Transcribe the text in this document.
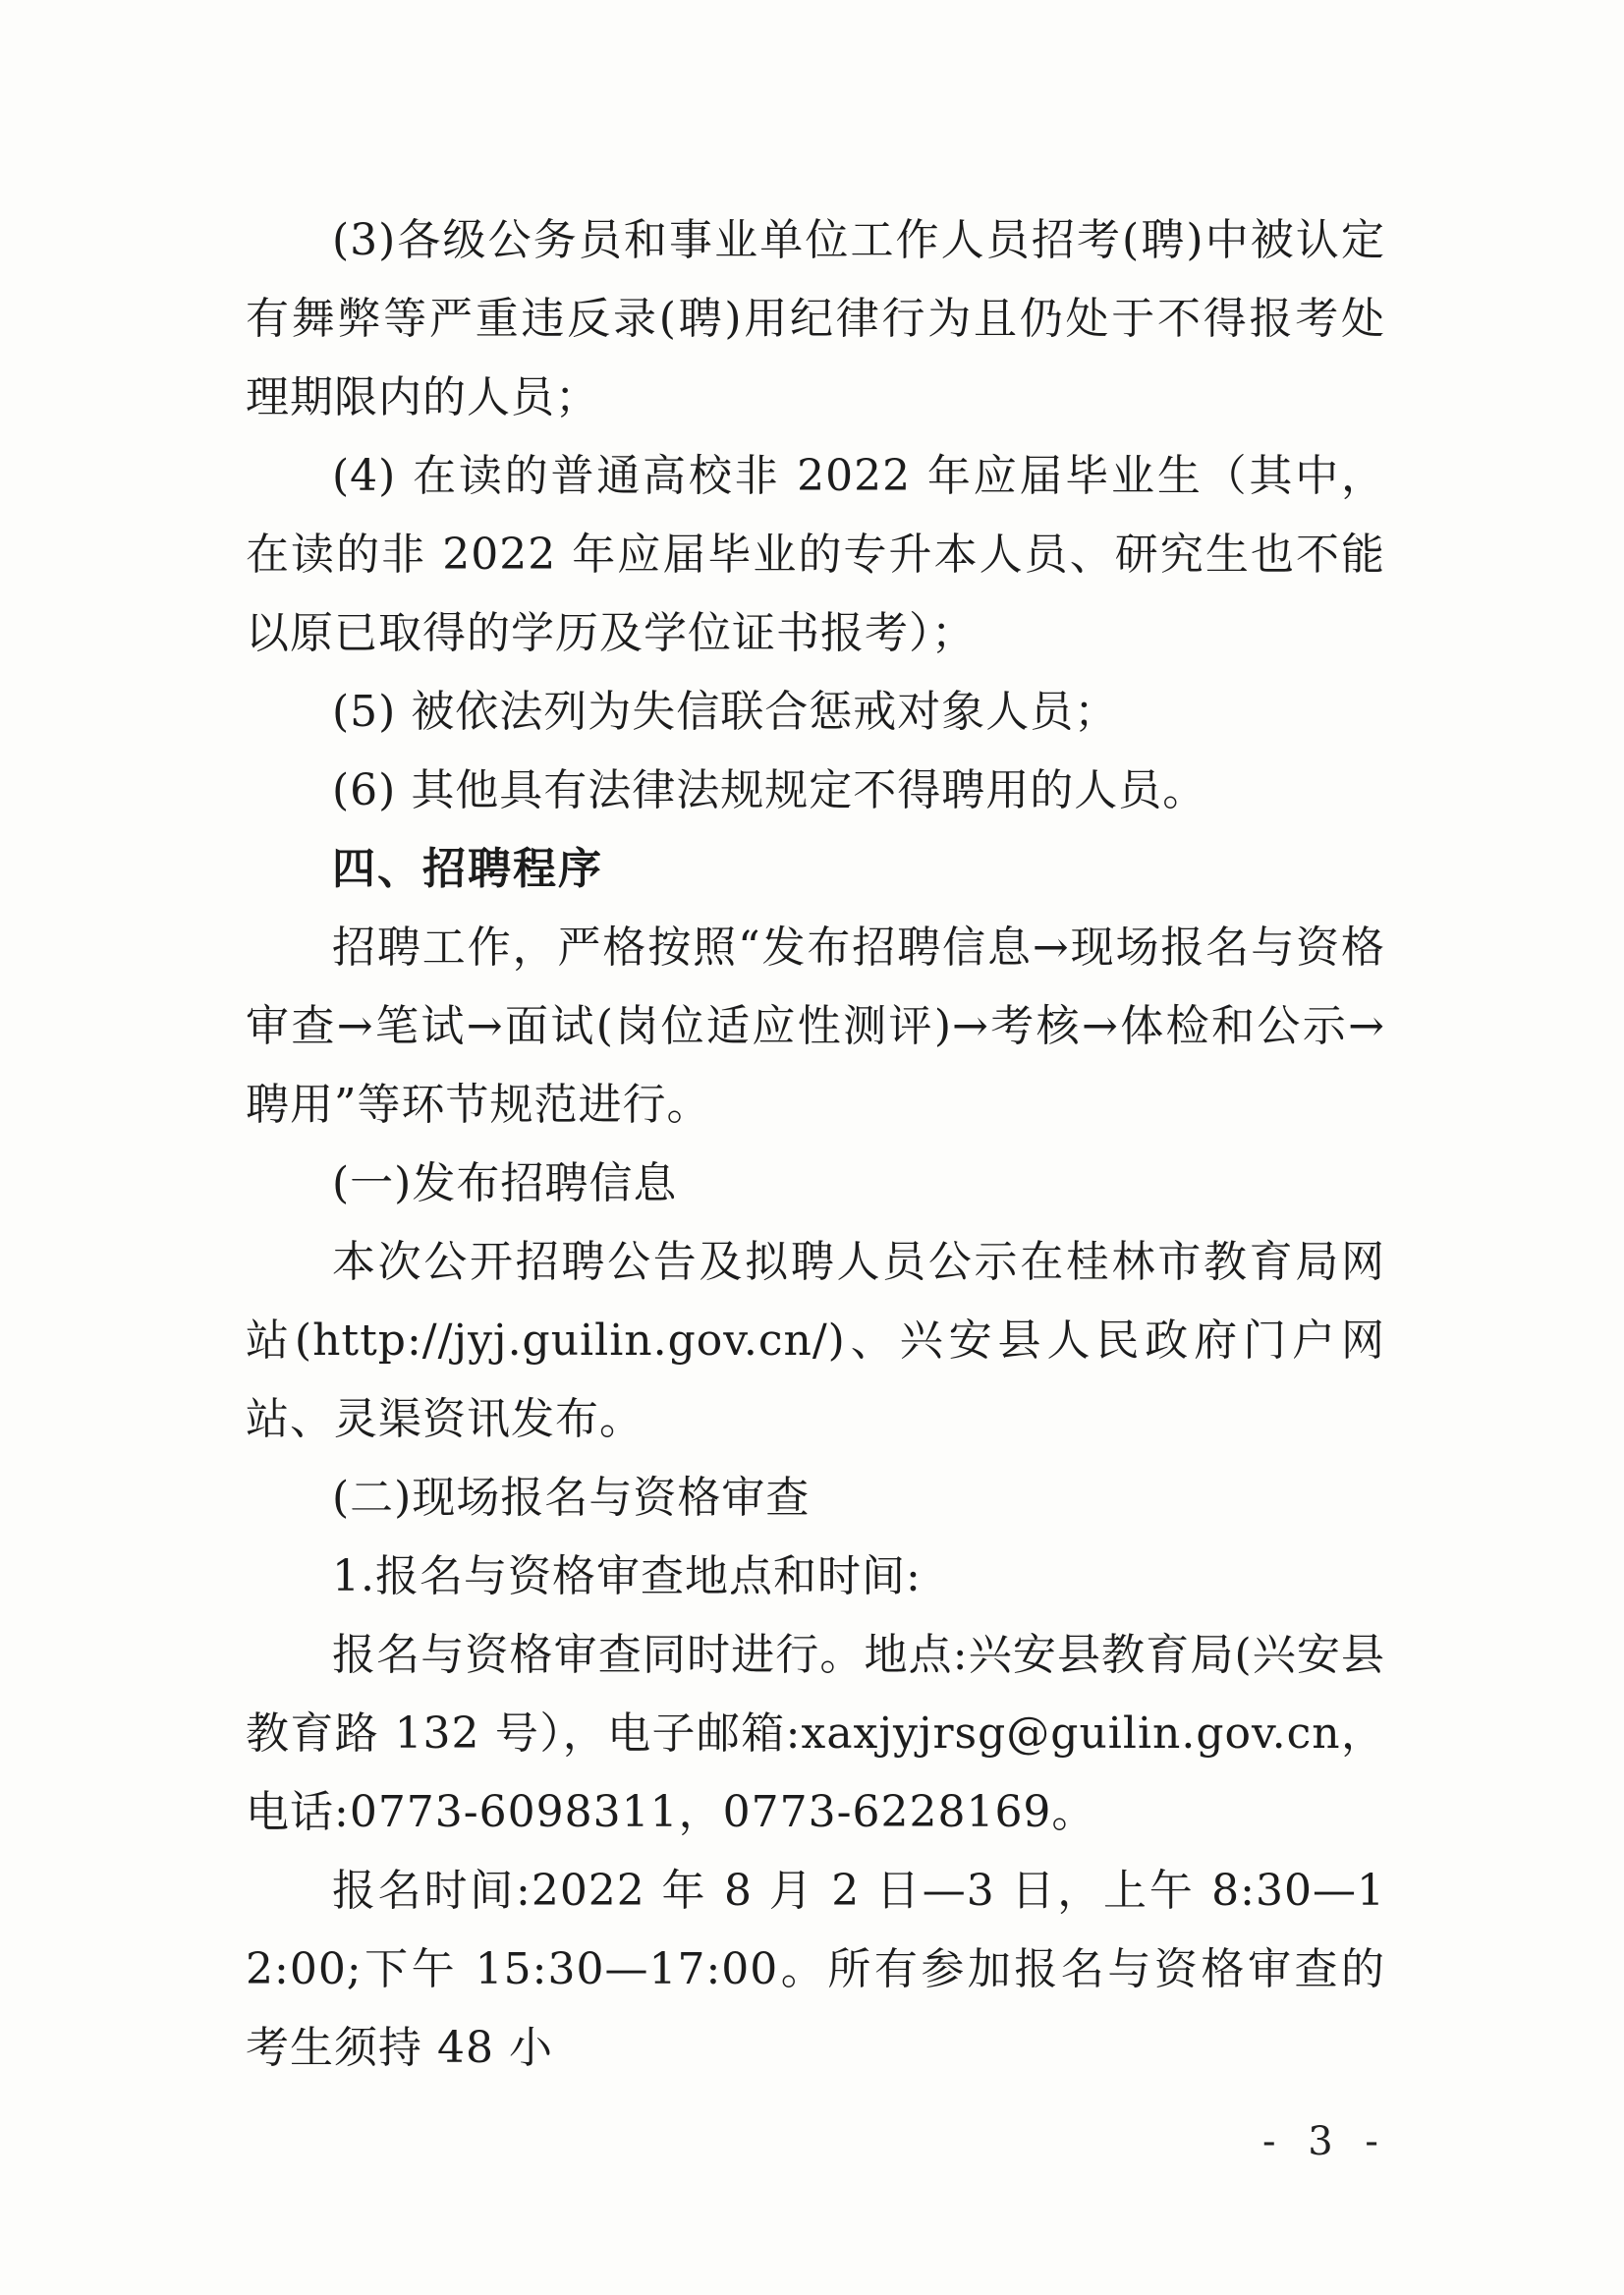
(3)各级公务员和事业单位工作人员招考(聘)中被认定有舞弊等严重违反录(聘)用纪律行为且仍处于不得报考处理期限内的人员；

(4) 在读的普通高校非 2022 年应届毕业生（其中，在读的非 2022 年应届毕业的专升本人员、研究生也不能以原已取得的学历及学位证书报考）；

(5) 被依法列为失信联合惩戒对象人员；

(6) 其他具有法律法规规定不得聘用的人员。

四、招聘程序

招聘工作，严格按照“发布招聘信息→现场报名与资格审查→笔试→面试(岗位适应性测评)→考核→体检和公示→聘用”等环节规范进行。

(一)发布招聘信息

本次公开招聘公告及拟聘人员公示在桂林市教育局网站(http://jyj.guilin.gov.cn/)、兴安县人民政府门户网站、灵渠资讯发布。

(二)现场报名与资格审查

1.报名与资格审查地点和时间:

报名与资格审查同时进行。地点:兴安县教育局(兴安县教育路 132 号），电子邮箱:xaxjyjrsg@guilin.gov.cn，电话:0773-6098311，0773-6228169。

报名时间:2022 年 8 月 2 日—3 日，上午 8:30—12:00;下午 15:30—17:00。所有参加报名与资格审查的考生须持 48 小

- 3 -
